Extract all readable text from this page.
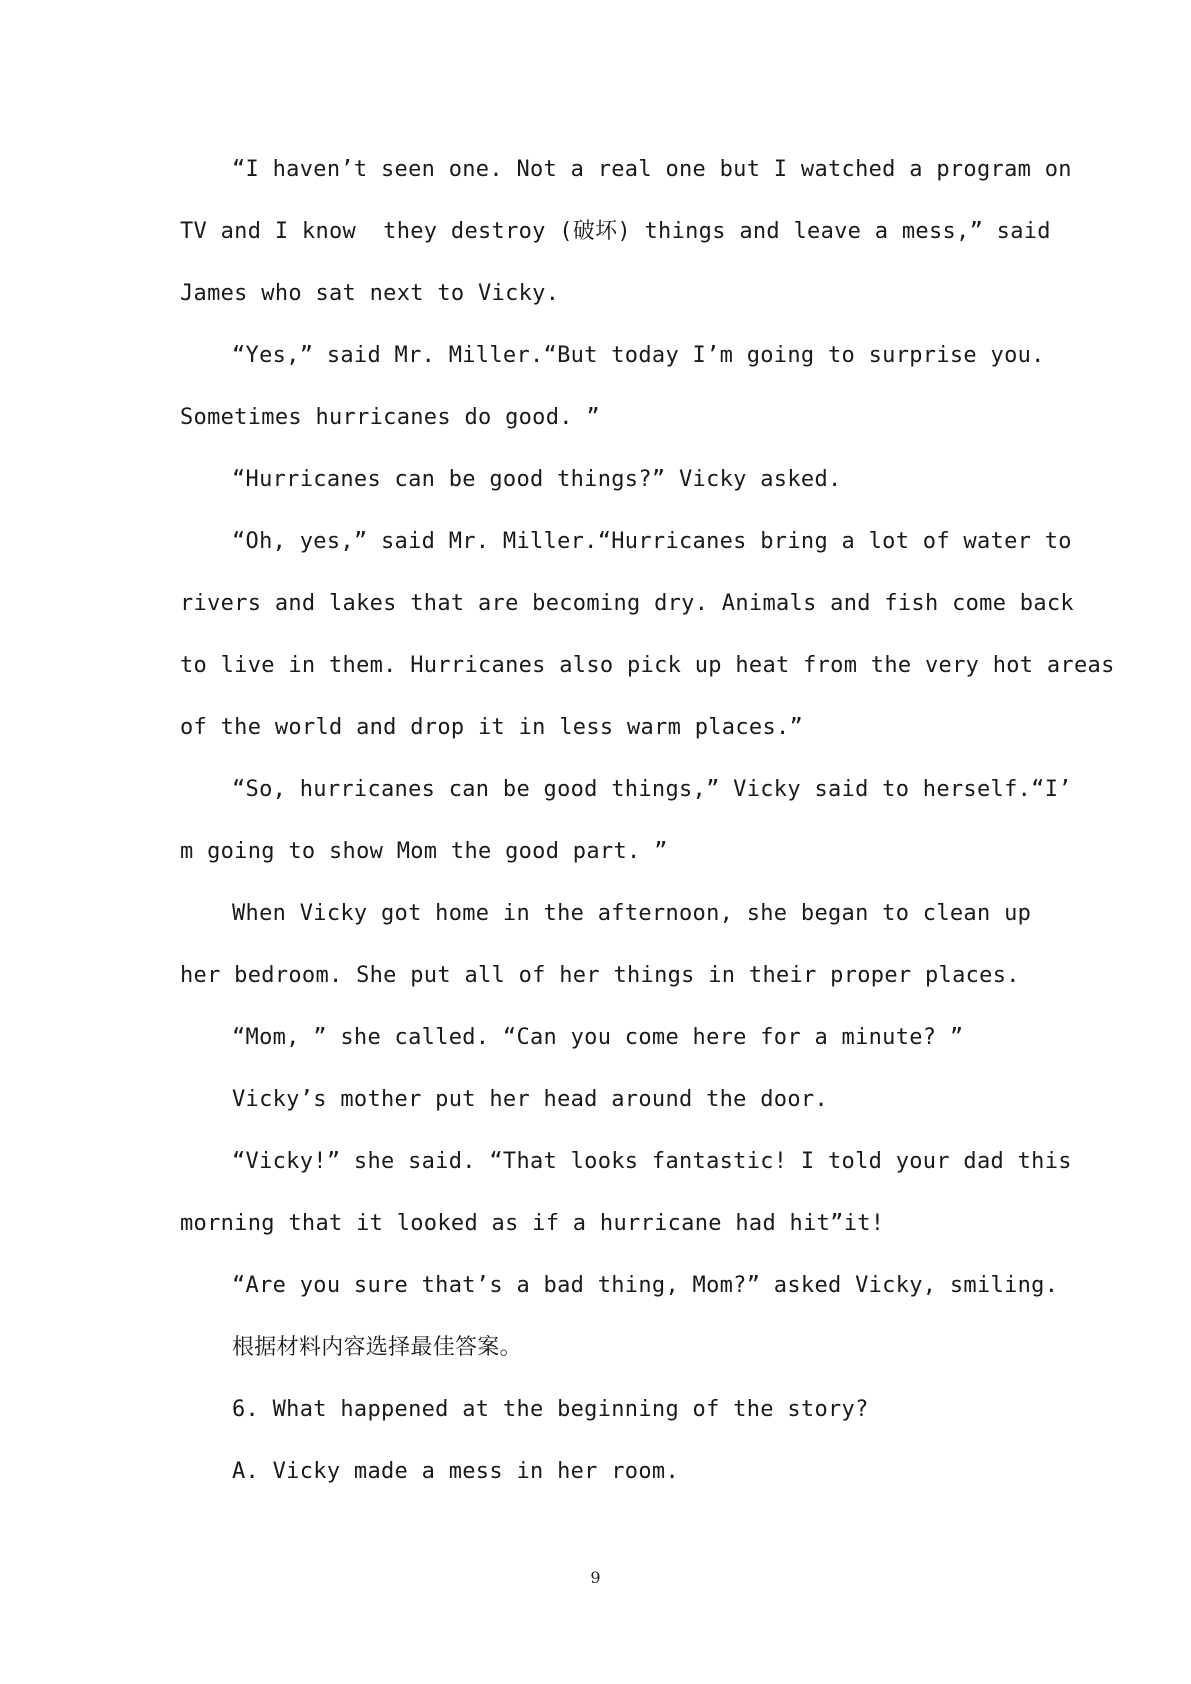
“I haven’t seen one. Not a real one but I watched a program on
TV and I know  they destroy (破坏) things and leave a mess,” said
James who sat next to Vicky.
“Yes,” said Mr. Miller.“But today I’m going to surprise you.
Sometimes hurricanes do good. ”
“Hurricanes can be good things?” Vicky asked.
“Oh, yes,” said Mr. Miller.“Hurricanes bring a lot of water to
rivers and lakes that are becoming dry. Animals and fish come back
to live in them. Hurricanes also pick up heat from the very hot areas
of the world and drop it in less warm places.”
“So, hurricanes can be good things,” Vicky said to herself.“I’
m going to show Mom the good part. ”
When Vicky got home in the afternoon, she began to clean up
her bedroom. She put all of her things in their proper places.
“Mom, ” she called. “Can you come here for a minute? ”
Vicky’s mother put her head around the door.
“Vicky!” she said. “That looks fantastic! I told your dad this
morning that it looked as if a hurricane had hit”it!
“Are you sure that’s a bad thing, Mom?” asked Vicky, smiling.
根据材料内容选择最佳答案。
6. What happened at the beginning of the story?
A. Vicky made a mess in her room.
9
